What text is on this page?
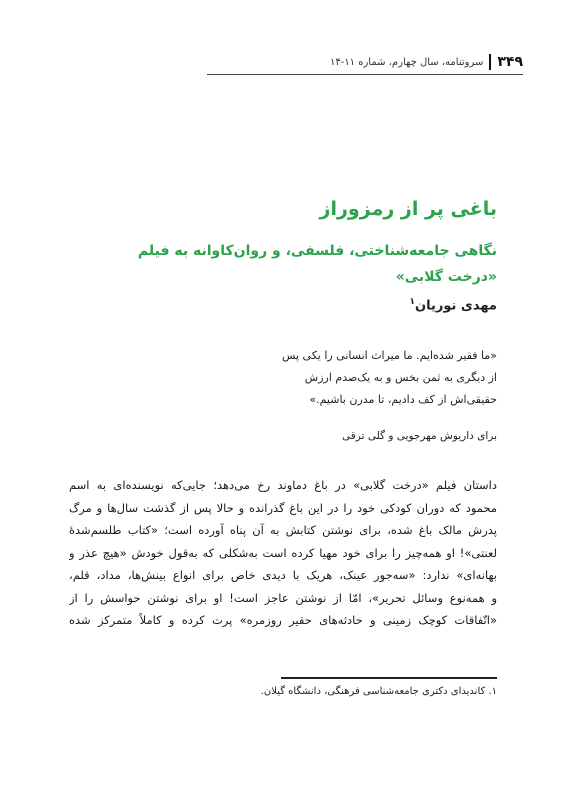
۳۴۹
سروتنامه، سال چهارم، شماره ۱۱-۱۴
باغی پر از رمزوراز
نگاهی جامعه‌شناختی، فلسفی، و روان‌کاوانه به فیلم
«درخت گلابی»
مهدی نوریان$^۱$
«ما فقیر شده‌ایم. ما میراث انسانی را یکی پس
از دیگری به ثمن بخس و به یک‌صدم ارزش
حقیقی‌اش از کف دادیم، تا مدرن باشیم.»
برای داریوش مهرجویی و گلی ترقی
داستان فیلم «درخت گلابی» در باغ دماوند رخ می‌دهد؛ جایی‌که نویسنده‌ای به اسم
محمود که دوران کودکی خود را در این باغ گذرانده و حالا پس از گذشت سال‌ها و مرگ
پدرش مالک باغ شده، برای نوشتن کتابش به آن پناه آورده است؛ «کتاب طلسم‌شدهٔ
لعنتی»! او همه‌چیز را برای خود مهیا کرده است به‌شکلی که به‌قول خودش «هیچ عذر و
بهانه‌ای» ندارد: «سه‌جور عینک، هریک با دیدی خاص برای انواع بینش‌ها، مداد، قلم،
و همه‌نوع وسائل تحریر»، امّا از نوشتن عاجز است! او برای نوشتن حواسش را از
«اتّفاقات کوچک زمینی و حادثه‌های حقیر روزمره» پرت کرده و کاملاً متمرکز شده
۱. کاندیدای دکتری جامعه‌شناسی فرهنگی، دانشگاه گیلان.
